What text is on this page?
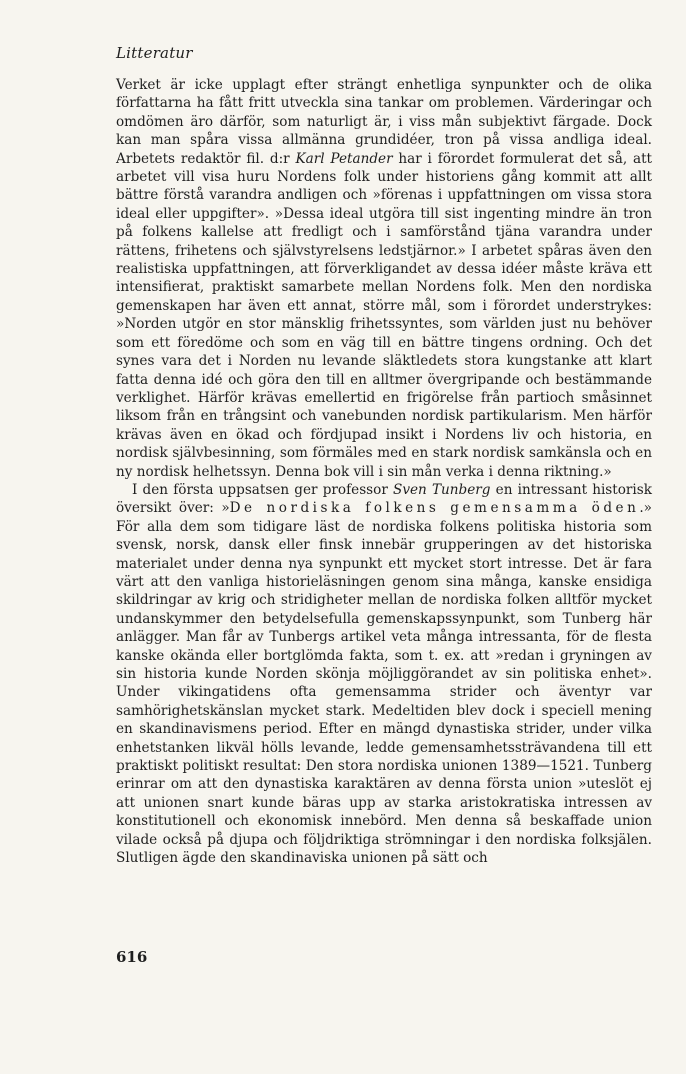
Litteratur

Verket är icke upplagt efter strängt enhetliga synpunkter och de olika författarna ha fått fritt utveckla sina tankar om problemen. Värderingar och omdömen äro därför, som naturligt är, i viss mån subjektivt färgade. Dock kan man spåra vissa allmänna grundidéer, tron på vissa andliga ideal. Arbetets redaktör fil. d:r Karl Petander har i förordet formulerat det så, att arbetet vill visa huru Nordens folk under historiens gång kommit att allt bättre förstå varandra andligen och »förenas i uppfattningen om vissa stora ideal eller uppgifter». »Dessa ideal utgöra till sist ingenting mindre än tron på folkens kallelse att fredligt och i samförstånd tjäna varandra under rättens, frihetens och självstyrelsens ledstjärnor.» I arbetet spåras även den realistiska uppfattningen, att förverkligandet av dessa idéer måste kräva ett intensifierat, praktiskt samarbete mellan Nordens folk. Men den nordiska gemenskapen har även ett annat, större mål, som i förordet understrykes: »Norden utgör en stor mänsklig frihetssyntes, som världen just nu behöver som ett föredöme och som en väg till en bättre tingens ordning. Och det synes vara det i Norden nu levande släktledets stora kungstanke att klart fatta denna idé och göra den till en alltmer övergripande och bestämmande verklighet. Härför krävas emellertid en frigörelse från partioch småsinnet liksom från en trångsint och vanebunden nordisk partikularism. Men härför krävas även en ökad och fördjupad insikt i Nordens liv och historia, en nordisk självbesinning, som förmäles med en stark nordisk samkänsla och en ny nordisk helhetssyn. Denna bok vill i sin mån verka i denna riktning.»

I den första uppsatsen ger professor Sven Tunberg en intressant historisk översikt över: »De nordiska folkens gemensamma öden.» För alla dem som tidigare läst de nordiska folkens politiska historia som svensk, norsk, dansk eller finsk innebär grupperingen av det historiska materialet under denna nya synpunkt ett mycket stort intresse. Det är fara värt att den vanliga historieläsningen genom sina många, kanske ensidiga skildringar av krig och stridigheter mellan de nordiska folken alltför mycket undanskymmer den betydelsefulla gemenskapssynpunkt, som Tunberg här anlägger. Man får av Tunbergs artikel veta många intressanta, för de flesta kanske okända eller bortglömda fakta, som t. ex. att »redan i gryningen av sin historia kunde Norden skönja möjliggörandet av sin politiska enhet». Under vikingatidens ofta gemensamma strider och äventyr var samhörighetskänslan mycket stark. Medeltiden blev dock i speciell mening en skandinavismens period. Efter en mängd dynastiska strider, under vilka enhetstanken likväl hölls levande, ledde gemensamhetssträvandena till ett praktiskt politiskt resultat: Den stora nordiska unionen 1389—1521. Tunberg erinrar om att den dynastiska karaktären av denna första union »uteslöt ej att unionen snart kunde bäras upp av starka aristokratiska intressen av konstitutionell och ekonomisk innebörd. Men denna så beskaffade union vilade också på djupa och följdriktiga strömningar i den nordiska folksjälen. Slutligen ägde den skandinaviska unionen på sätt och

616
